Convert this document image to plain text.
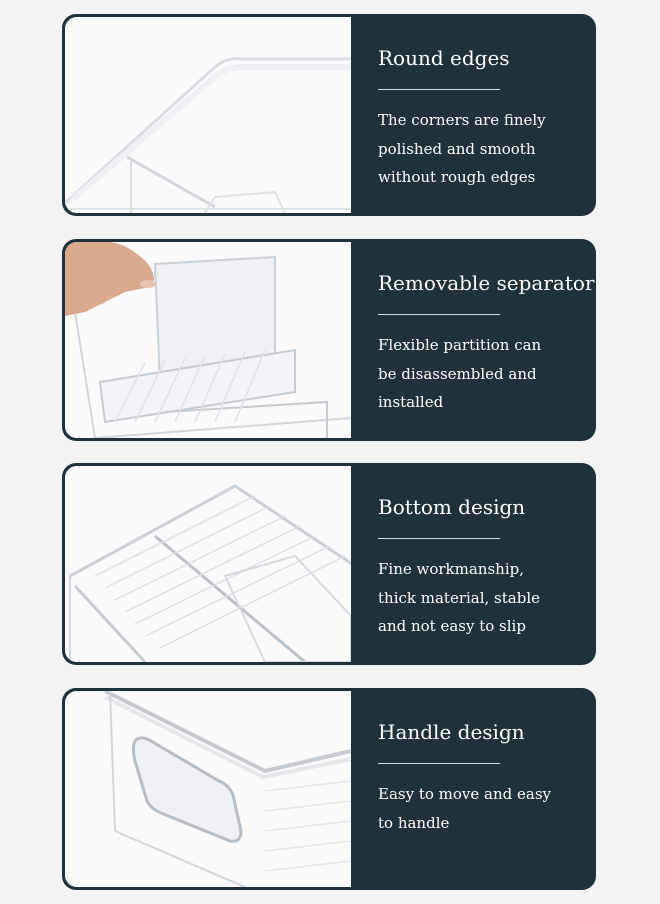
Round edges
The corners are finely
polished and smooth
without rough edges
Removable separator
Flexible partition can
be disassembled and
installed
Bottom design
Fine workmanship,
thick material, stable
and not easy to slip
Handle design
Easy to move and easy
to handle
